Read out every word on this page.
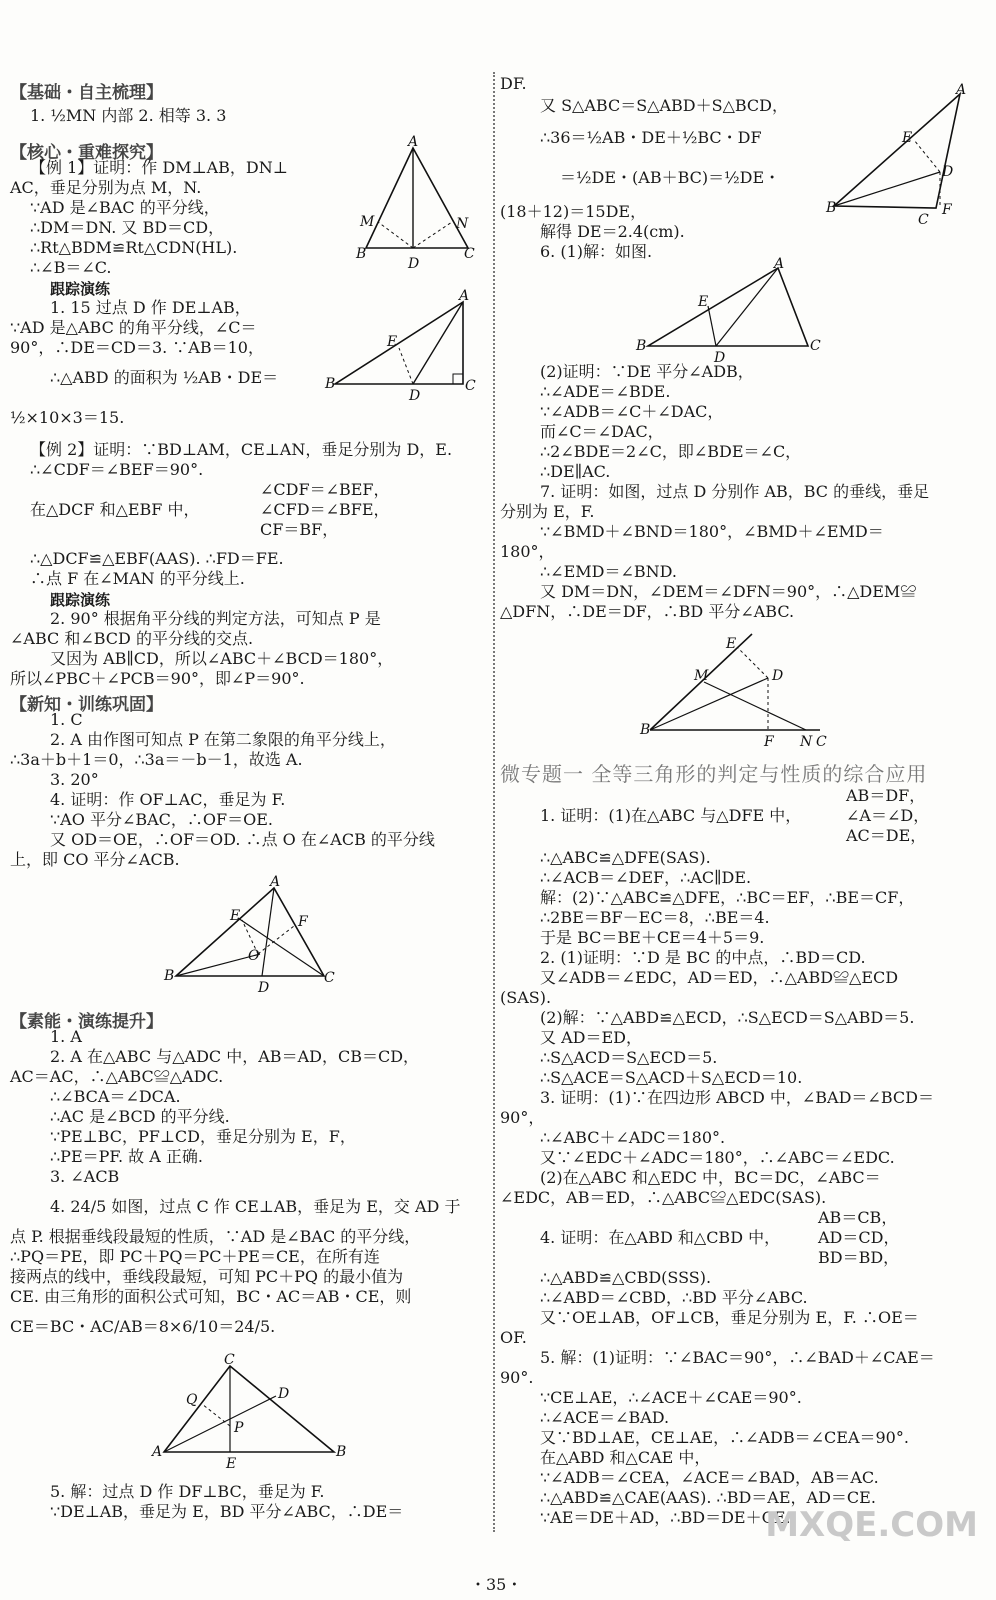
【基础・自主梳理】
【核心・重难探究】
【新知・训练巩固】
【素能・演练提升】
跟踪演练
跟踪演练
1. ½MN 内部 2. 相等 3. 3
【例 1】证明：作 DM⊥AB，DN⊥
AC，垂足分别为点 M，N.
∵AD 是∠BAC 的平分线，
∴DM＝DN. 又 BD＝CD，
∴Rt△BDM≌Rt△CDN(HL).
∴∠B＝∠C.
1. 15 过点 D 作 DE⊥AB，
∵AD 是△ABC 的角平分线，∠C＝
90°，∴DE＝CD＝3. ∵AB＝10，
∴△ABD 的面积为 ½AB・DE＝
½×10×3＝15.
【例 2】证明：∵BD⊥AM，CE⊥AN，垂足分别为 D，E.
∴∠CDF＝∠BEF＝90°.
在△DCF 和△EBF 中，
∠CDF＝∠BEF，
∠CFD＝∠BFE，
CF＝BF，
∴△DCF≌△EBF(AAS). ∴FD＝FE.
∴点 F 在∠MAN 的平分线上.
2. 90° 根据角平分线的判定方法，可知点 P 是
∠ABC 和∠BCD 的平分线的交点.
又因为 AB∥CD，所以∠ABC＋∠BCD＝180°，
所以∠PBC＋∠PCB＝90°，即∠P＝90°.
1. C
2. A 由作图可知点 P 在第二象限的角平分线上，
∴3a＋b＋1＝0，∴3a＝－b－1，故选 A.
3. 20°
4. 证明：作 OF⊥AC，垂足为 F.
∵AO 平分∠BAC，∴OF＝OE.
又 OD＝OE，∴OF＝OD. ∴点 O 在∠ACB 的平分线
上，即 CO 平分∠ACB.
1. A
2. A 在△ABC 与△ADC 中，AB＝AD，CB＝CD，
AC＝AC，∴△ABC≌△ADC.
∴∠BCA＝∠DCA.
∴AC 是∠BCD 的平分线.
∵PE⊥BC，PF⊥CD，垂足分别为 E，F，
∴PE＝PF. 故 A 正确.
3. ∠ACB
4. 24/5 如图，过点 C 作 CE⊥AB，垂足为 E，交 AD 于
点 P. 根据垂线段最短的性质，∵AD 是∠BAC 的平分线，
∴PQ＝PE，即 PC＋PQ＝PC＋PE＝CE，在所有连
接两点的线中，垂线段最短，可知 PC＋PQ 的最小值为
CE. 由三角形的面积公式可知，BC・AC＝AB・CE，则
CE＝BC・AC/AB＝8×6/10＝24/5.
5. 解：过点 D 作 DF⊥BC，垂足为 F.
∵DE⊥AB，垂足为 E，BD 平分∠ABC，∴DE＝
DF.
又 S△ABC＝S△ABD＋S△BCD，
∴36＝½AB・DE＋½BC・DF
＝½DE・(AB＋BC)＝½DE・
(18＋12)＝15DE，
解得 DE＝2.4(cm).
6. (1)解：如图.
(2)证明：∵DE 平分∠ADB，
∴∠ADE＝∠BDE.
∵∠ADB＝∠C＋∠DAC，
而∠C＝∠DAC，
∴2∠BDE＝2∠C，即∠BDE＝∠C，
∴DE∥AC.
7. 证明：如图，过点 D 分别作 AB，BC 的垂线，垂足
分别为 E，F.
∵∠BMD＋∠BND＝180°，∠BMD＋∠EMD＝
180°，
∴∠EMD＝∠BND.
又 DM＝DN，∠DEM＝∠DFN＝90°，∴△DEM≌
△DFN，∴DE＝DF，∴BD 平分∠ABC.
1. 证明：(1)在△ABC 与△DFE 中，
AB＝DF，
∠A＝∠D，
AC＝DE，
∴△ABC≌△DFE(SAS).
∴∠ACB＝∠DEF，∴AC∥DE.
解：(2)∵△ABC≌△DFE，∴BC＝EF，∴BE＝CF，
∴2BE＝BF－EC＝8，∴BE＝4.
于是 BC＝BE＋CE＝4＋5＝9.
2. (1)证明：∵D 是 BC 的中点，∴BD＝CD.
又∠ADB＝∠EDC，AD＝ED，∴△ABD≌△ECD
(SAS).
(2)解：∵△ABD≌△ECD，∴S△ECD＝S△ABD＝5.
又 AD＝ED，
∴S△ACD＝S△ECD＝5.
∴S△ACE＝S△ACD＋S△ECD＝10.
3. 证明：(1)∵在四边形 ABCD 中，∠BAD＝∠BCD＝
90°，
∴∠ABC＋∠ADC＝180°.
又∵∠EDC＋∠ADC＝180°，∴∠ABC＝∠EDC.
(2)在△ABC 和△EDC 中，BC＝DC，∠ABC＝
∠EDC，AB＝ED，∴△ABC≌△EDC(SAS).
4. 证明：在△ABD 和△CBD 中，
AB＝CB，
AD＝CD，
BD＝BD，
∴△ABD≌△CBD(SSS).
∴∠ABD＝∠CBD，∴BD 平分∠ABC.
又∵OE⊥AB，OF⊥CB，垂足分别为 E，F. ∴OE＝
OF.
5. 解：(1)证明：∵∠BAC＝90°，∴∠BAD＋∠CAE＝
90°.
∵CE⊥AE，∴∠ACE＋∠CAE＝90°.
∴∠ACE＝∠BAD.
又∵BD⊥AE，CE⊥AE，∴∠ADB＝∠CEA＝90°.
在△ABD 和△CAE 中，
∵∠ADB＝∠CEA，∠ACE＝∠BAD，AB＝AC.
∴△ABD≌△CAE(AAS). ∴BD＝AE，AD＝CE.
∵AE＝DE＋AD，∴BD＝DE＋CE.
微专题一 全等三角形的判定与性质的综合应用
A
B	C
D
M	N
A
B	C
D
E
A
B	C
D
E	F
O
C
A	B
E
Q
P
D
A
B
C
D
E
F
A
B	C
D
E
E
M	D
B
F N C
・35・
MXQE.COM
